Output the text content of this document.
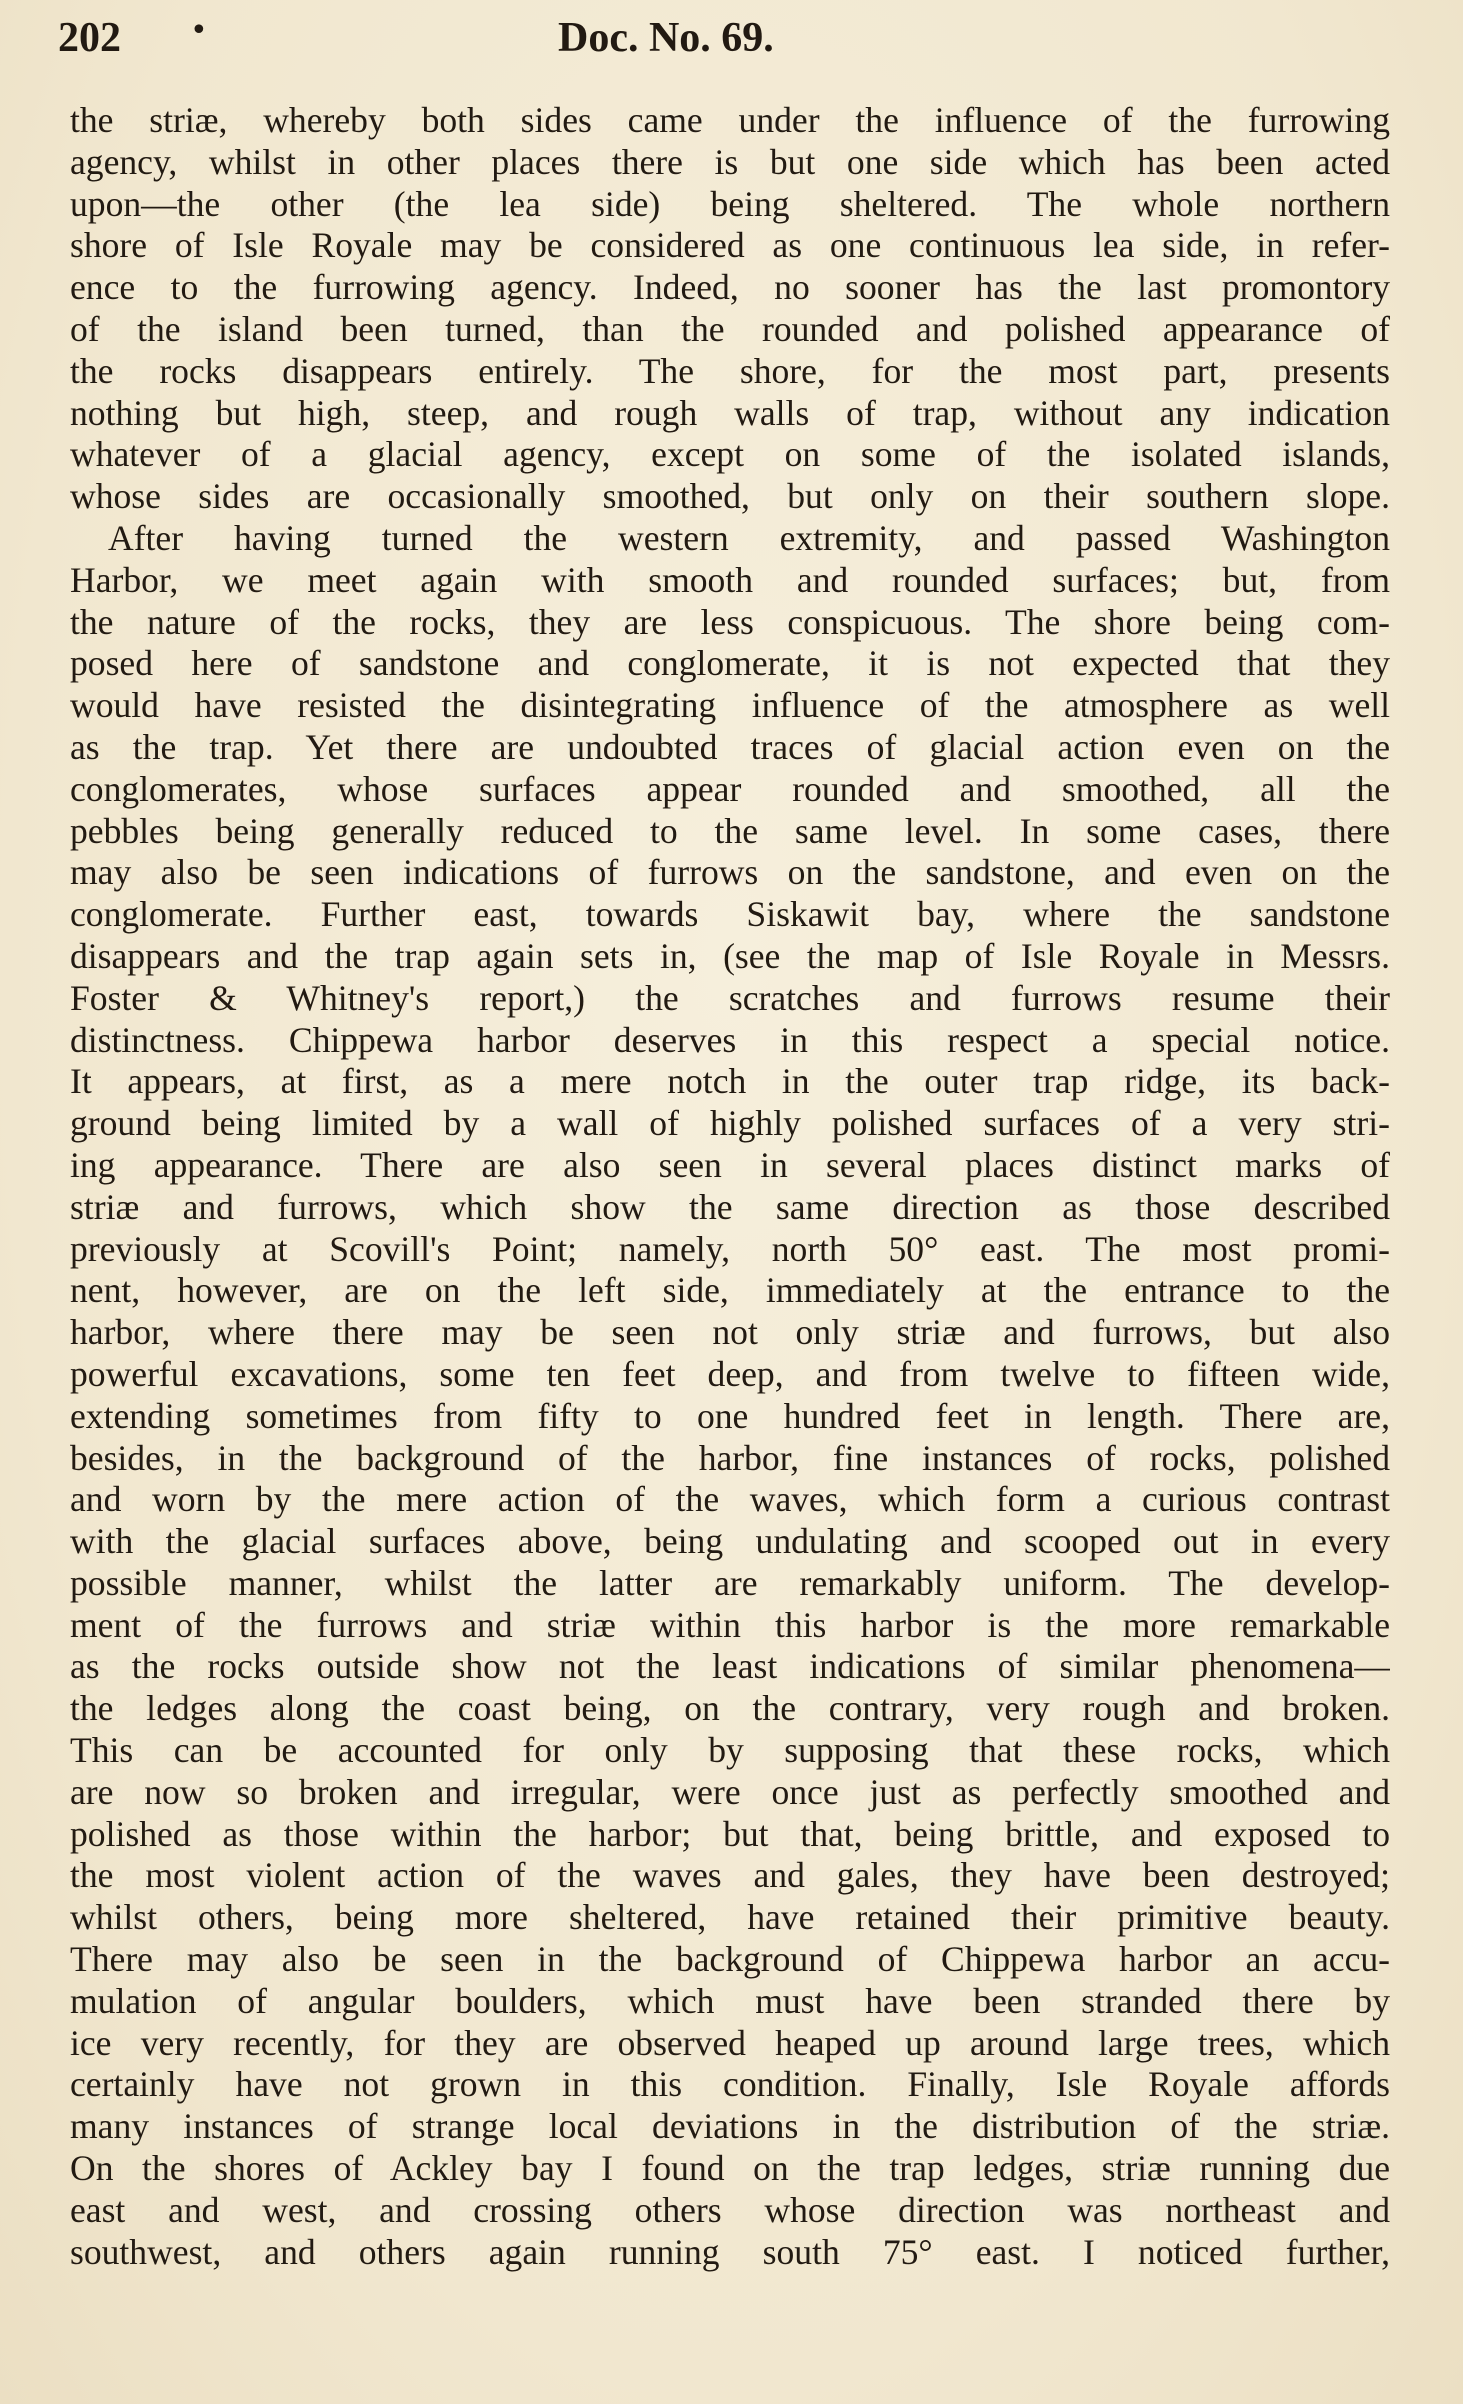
202 •	Doc. No. 69.
the striæ, whereby both sides came under the influence of the furrowing
agency, whilst in other places there is but one side which has been acted
upon—the other (the lea side) being sheltered. The whole northern
shore of Isle Royale may be considered as one continuous lea side, in refer-
ence to the furrowing agency. Indeed, no sooner has the last promontory
of the island been turned, than the rounded and polished appearance of
the rocks disappears entirely. The shore, for the most part, presents
nothing but high, steep, and rough walls of trap, without any indication
whatever of a glacial agency, except on some of the isolated islands,
whose sides are occasionally smoothed, but only on their southern slope.
After having turned the western extremity, and passed Washington
Harbor, we meet again with smooth and rounded surfaces; but, from
the nature of the rocks, they are less conspicuous. The shore being com-
posed here of sandstone and conglomerate, it is not expected that they
would have resisted the disintegrating influence of the atmosphere as well
as the trap. Yet there are undoubted traces of glacial action even on the
conglomerates, whose surfaces appear rounded and smoothed, all the
pebbles being generally reduced to the same level. In some cases, there
may also be seen indications of furrows on the sandstone, and even on the
conglomerate. Further east, towards Siskawit bay, where the sandstone
disappears and the trap again sets in, (see the map of Isle Royale in Messrs.
Foster & Whitney's report,) the scratches and furrows resume their
distinctness. Chippewa harbor deserves in this respect a special notice.
It appears, at first, as a mere notch in the outer trap ridge, its back-
ground being limited by a wall of highly polished surfaces of a very stri-
ing appearance. There are also seen in several places distinct marks of
striæ and furrows, which show the same direction as those described
previously at Scovill's Point; namely, north 50° east. The most promi-
nent, however, are on the left side, immediately at the entrance to the
harbor, where there may be seen not only striæ and furrows, but also
powerful excavations, some ten feet deep, and from twelve to fifteen wide,
extending sometimes from fifty to one hundred feet in length. There are,
besides, in the background of the harbor, fine instances of rocks, polished
and worn by the mere action of the waves, which form a curious contrast
with the glacial surfaces above, being undulating and scooped out in every
possible manner, whilst the latter are remarkably uniform. The develop-
ment of the furrows and striæ within this harbor is the more remarkable
as the rocks outside show not the least indications of similar phenomena—
the ledges along the coast being, on the contrary, very rough and broken.
This can be accounted for only by supposing that these rocks, which
are now so broken and irregular, were once just as perfectly smoothed and
polished as those within the harbor; but that, being brittle, and exposed to
the most violent action of the waves and gales, they have been destroyed;
whilst others, being more sheltered, have retained their primitive beauty.
There may also be seen in the background of Chippewa harbor an accu-
mulation of angular boulders, which must have been stranded there by
ice very recently, for they are observed heaped up around large trees, which
certainly have not grown in this condition. Finally, Isle Royale affords
many instances of strange local deviations in the distribution of the striæ.
On the shores of Ackley bay I found on the trap ledges, striæ running due
east and west, and crossing others whose direction was northeast and
southwest, and others again running south 75° east. I noticed further,
